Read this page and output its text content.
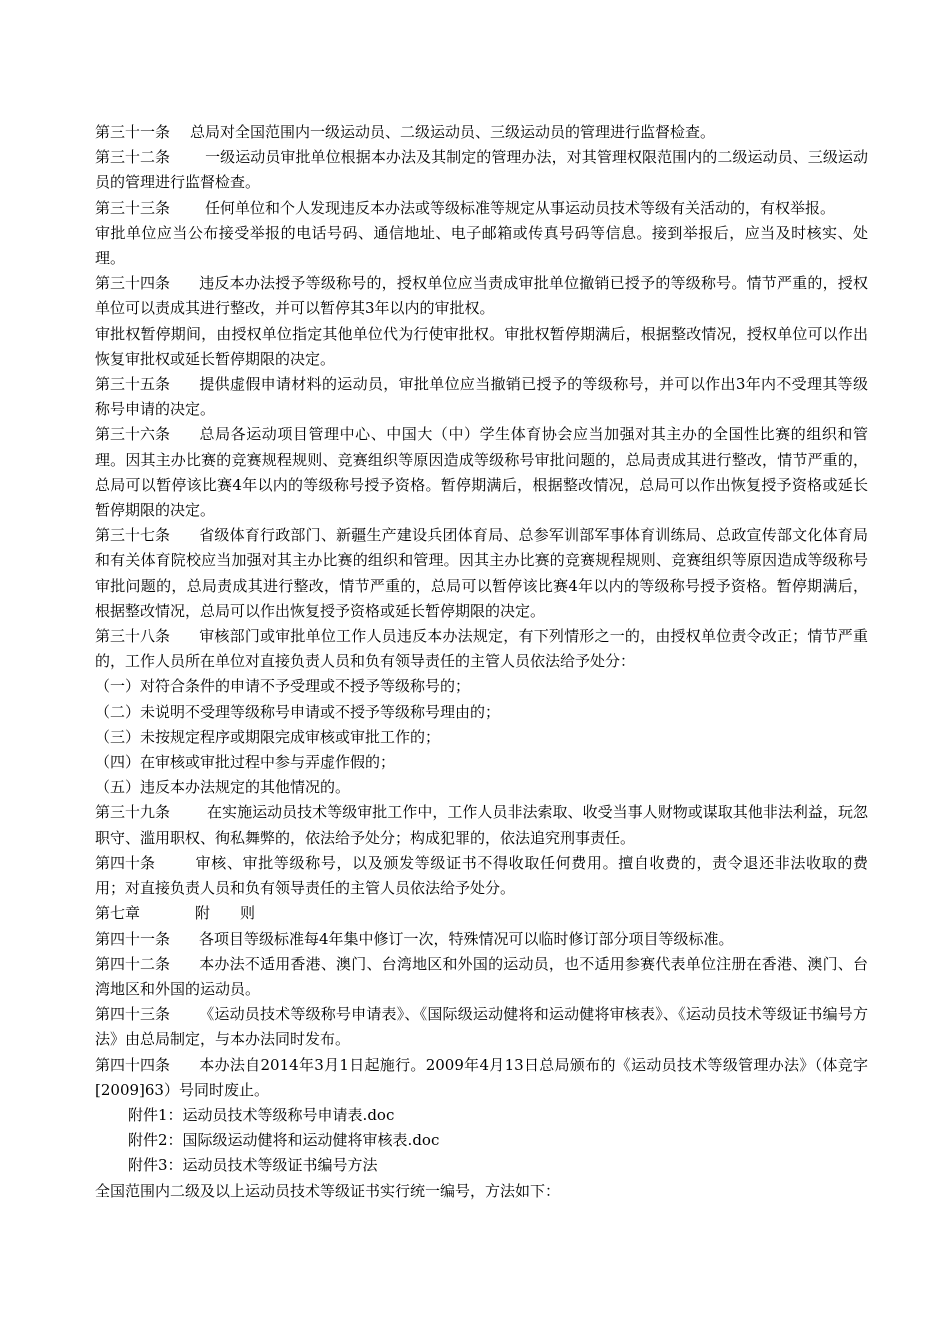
第三十一条 总局对全国范围内一级运动员、二级运动员、三级运动员的管理进行监督检查。

第三十二条 一级运动员审批单位根据本办法及其制定的管理办法，对其管理权限范围内的二级运动员、三级运动员的管理进行监督检查。

第三十三条 任何单位和个人发现违反本办法或等级标准等规定从事运动员技术等级有关活动的，有权举报。

审批单位应当公布接受举报的电话号码、通信地址、电子邮箱或传真号码等信息。接到举报后，应当及时核实、处理。

第三十四条 违反本办法授予等级称号的，授权单位应当责成审批单位撤销已授予的等级称号。情节严重的，授权单位可以责成其进行整改，并可以暂停其3年以内的审批权。

审批权暂停期间，由授权单位指定其他单位代为行使审批权。审批权暂停期满后，根据整改情况，授权单位可以作出恢复审批权或延长暂停期限的决定。

第三十五条 提供虚假申请材料的运动员，审批单位应当撤销已授予的等级称号，并可以作出3年内不受理其等级称号申请的决定。

第三十六条 总局各运动项目管理中心、中国大（中）学生体育协会应当加强对其主办的全国性比赛的组织和管理。因其主办比赛的竞赛规程规则、竞赛组织等原因造成等级称号审批问题的，总局责成其进行整改，情节严重的，总局可以暂停该比赛4年以内的等级称号授予资格。暂停期满后，根据整改情况，总局可以作出恢复授予资格或延长暂停期限的决定。

第三十七条 省级体育行政部门、新疆生产建设兵团体育局、总参军训部军事体育训练局、总政宣传部文化体育局和有关体育院校应当加强对其主办比赛的组织和管理。因其主办比赛的竞赛规程规则、竞赛组织等原因造成等级称号审批问题的，总局责成其进行整改，情节严重的，总局可以暂停该比赛4年以内的等级称号授予资格。暂停期满后，根据整改情况，总局可以作出恢复授予资格或延长暂停期限的决定。

第三十八条 审核部门或审批单位工作人员违反本办法规定，有下列情形之一的，由授权单位责令改正；情节严重的，工作人员所在单位对直接负责人员和负有领导责任的主管人员依法给予处分：

（一）对符合条件的申请不予受理或不授予等级称号的；

（二）未说明不受理等级称号申请或不授予等级称号理由的；

（三）未按规定程序或期限完成审核或审批工作的；

（四）在审核或审批过程中参与弄虚作假的；

（五）违反本办法规定的其他情况的。

第三十九条 在实施运动员技术等级审批工作中，工作人员非法索取、收受当事人财物或谋取其他非法利益，玩忽职守、滥用职权、徇私舞弊的，依法给予处分；构成犯罪的，依法追究刑事责任。

第四十条	审核、审批等级称号，以及颁发等级证书不得收取任何费用。擅自收费的，责令退还非法收取的费用；对直接负责人员和负有领导责任的主管人员依法给予处分。

第七章	附　　则

第四十一条 各项目等级标准每4年集中修订一次，特殊情况可以临时修订部分项目等级标准。

第四十二条 本办法不适用香港、澳门、台湾地区和外国的运动员，也不适用参赛代表单位注册在香港、澳门、台湾地区和外国的运动员。

第四十三条 《运动员技术等级称号申请表》、《国际级运动健将和运动健将审核表》、《运动员技术等级证书编号方法》由总局制定，与本办法同时发布。

第四十四条 本办法自2014年3月1日起施行。2009年4月13日总局颁布的《运动员技术等级管理办法》（体竞字[2009]63）号同时废止。

附件1：运动员技术等级称号申请表.doc

附件2：国际级运动健将和运动健将审核表.doc

附件3：运动员技术等级证书编号方法

全国范围内二级及以上运动员技术等级证书实行统一编号，方法如下：
